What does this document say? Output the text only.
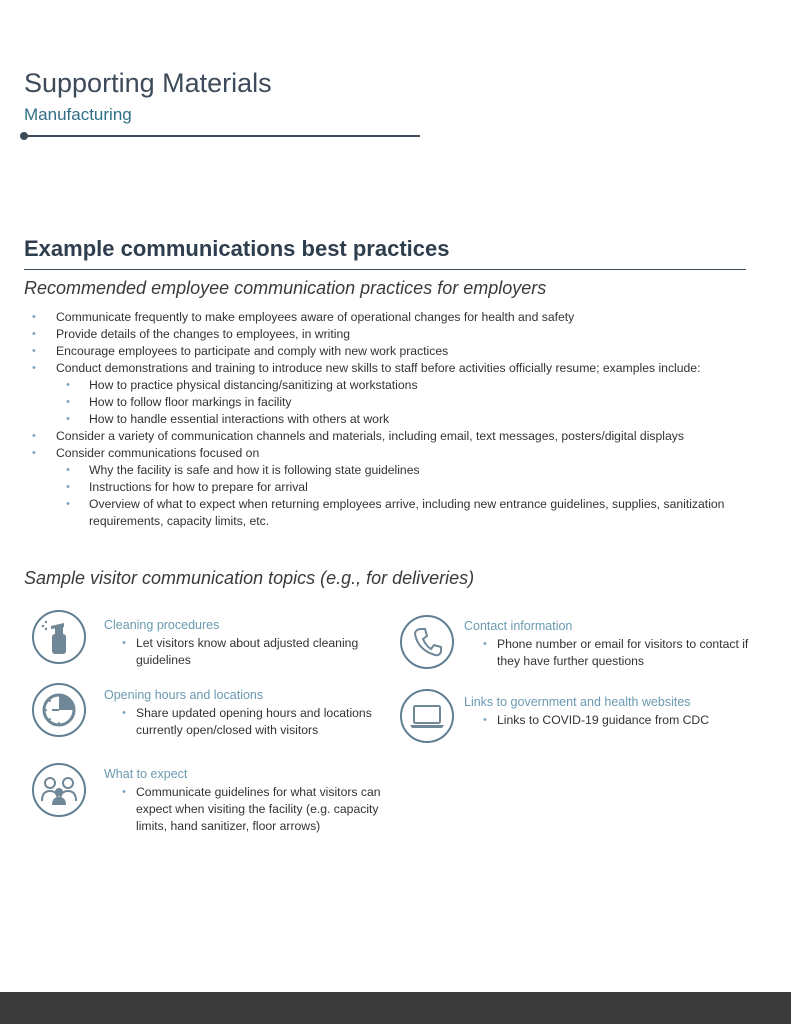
Supporting Materials
Manufacturing
Example communications best practices
Recommended employee communication practices for employers
• Communicate frequently to make employees aware of operational changes for health and safety
• Provide details of the changes to employees, in writing
• Encourage employees to participate and comply with new work practices
• Conduct demonstrations and training to introduce new skills to staff before activities officially resume; examples include:
• How to practice physical distancing/sanitizing at workstations
• How to follow floor markings in facility
• How to handle essential interactions with others at work
• Consider a variety of communication channels and materials, including email, text messages, posters/digital displays
• Consider communications focused on
• Why the facility is safe and how it is following state guidelines
• Instructions for how to prepare for arrival
• Overview of what to expect when returning employees arrive, including new entrance guidelines, supplies, sanitization requirements, capacity limits, etc.
Sample visitor communication topics (e.g., for deliveries)
Cleaning procedures
• Let visitors know about adjusted cleaning guidelines
Opening hours and locations
• Share updated opening hours and locations currently open/closed with visitors
What to expect
• Communicate guidelines for what visitors can expect when visiting the facility (e.g. capacity limits, hand sanitizer, floor arrows)
Contact information
• Phone number or email for visitors to contact if they have further questions
Links to government and health websites
• Links to COVID-19 guidance from CDC
